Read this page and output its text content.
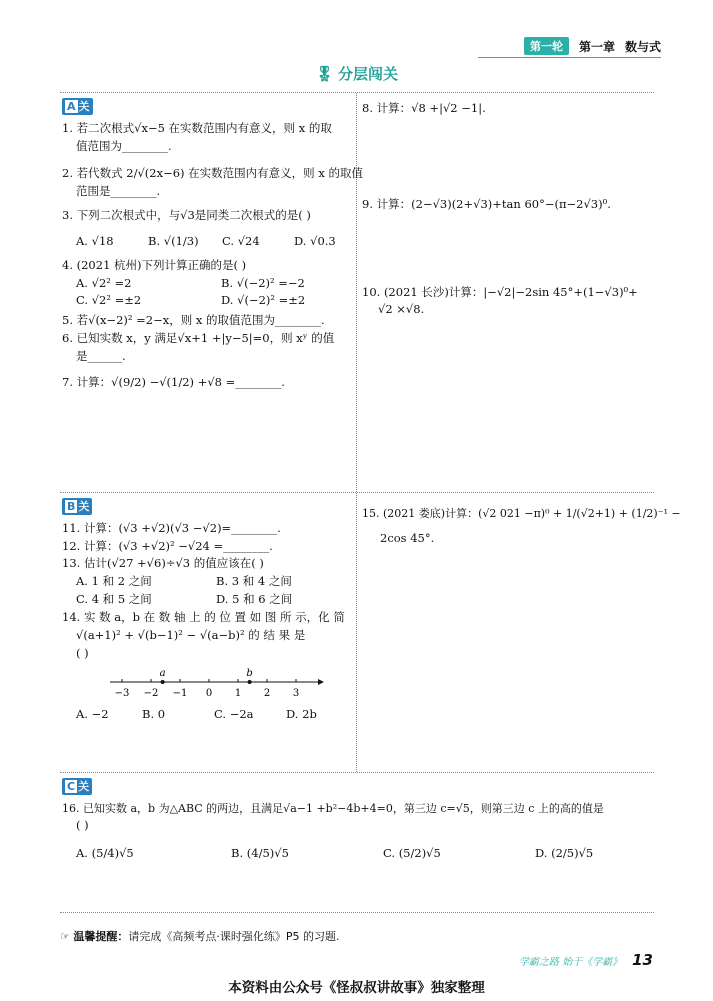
第一轮	第一章 数与式
🎖 分层闯关
A 关

1. 若二次根式√x−5 在实数范围内有意义，则 x 的取

值范围为________.

2. 若代数式 2/√(2x−6) 在实数范围内有意义，则 x 的取值

范围是________.

3. 下列二次根式中，与√3是同类二次根式的是( )

A. √18	B. √(1/3)	C. √24	D. √0.3

4. (2021 杭州)下列计算正确的是( )

A. √2² =2	B. √(−2)² =−2
C. √2² =±2	D. √(−2)² =±2

5. 若√(x−2)² =2−x，则 x 的取值范围为________.

6. 已知实数 x，y 满足√x+1 +|y−5|=0，则 xʸ 的值

是______.

7. 计算：√(9/2) −√(1/2) +√8 =________.

8. 计算：√8 +|√2 −1|.

9. 计算：(2−√3)(2+√3)+tan 60°−(π−2√3)⁰.

10. (2021 长沙)计算：|−√2|−2sin 45°+(1−√3)⁰+

√2 ×√8.

B 关

11. 计算：(√3 +√2)(√3 −√2)=________.

12. 计算：(√3 +√2)² −√24 =________.

13. 估计(√27 +√6)÷√3 的值应该在( )

A. 1 和 2 之间	B. 3 和 4 之间
C. 4 和 5 之间	D. 5 和 6 之间

14. 实 数 a，b 在 数 轴 上 的 位 置 如 图 所 示，化 简

√(a+1)² + √(b−1)² − √(a−b)² 的 结 果 是

( )

−3 −2 −1 0 1 2 3
a	b
A. −2	B. 0	C. −2a	D. 2b

15. (2021 娄底)计算：(√2 021 −π)⁰ + 1/(√2+1) + (1/2)⁻¹ −

2cos 45°.

C 关

16. 已知实数 a，b 为△ABC 的两边，且满足√a−1 +b²−4b+4=0，第三边 c=√5，则第三边 c 上的高的值是

( )

A. (5/4)√5	B. (4/5)√5	C. (5/2)√5	D. (2/5)√5
☞ 温馨提醒：请完成《高频考点·课时强化练》P5 的习题.
学霸之路 始于《学霸》 13
本资料由公众号《怪叔叔讲故事》独家整理
